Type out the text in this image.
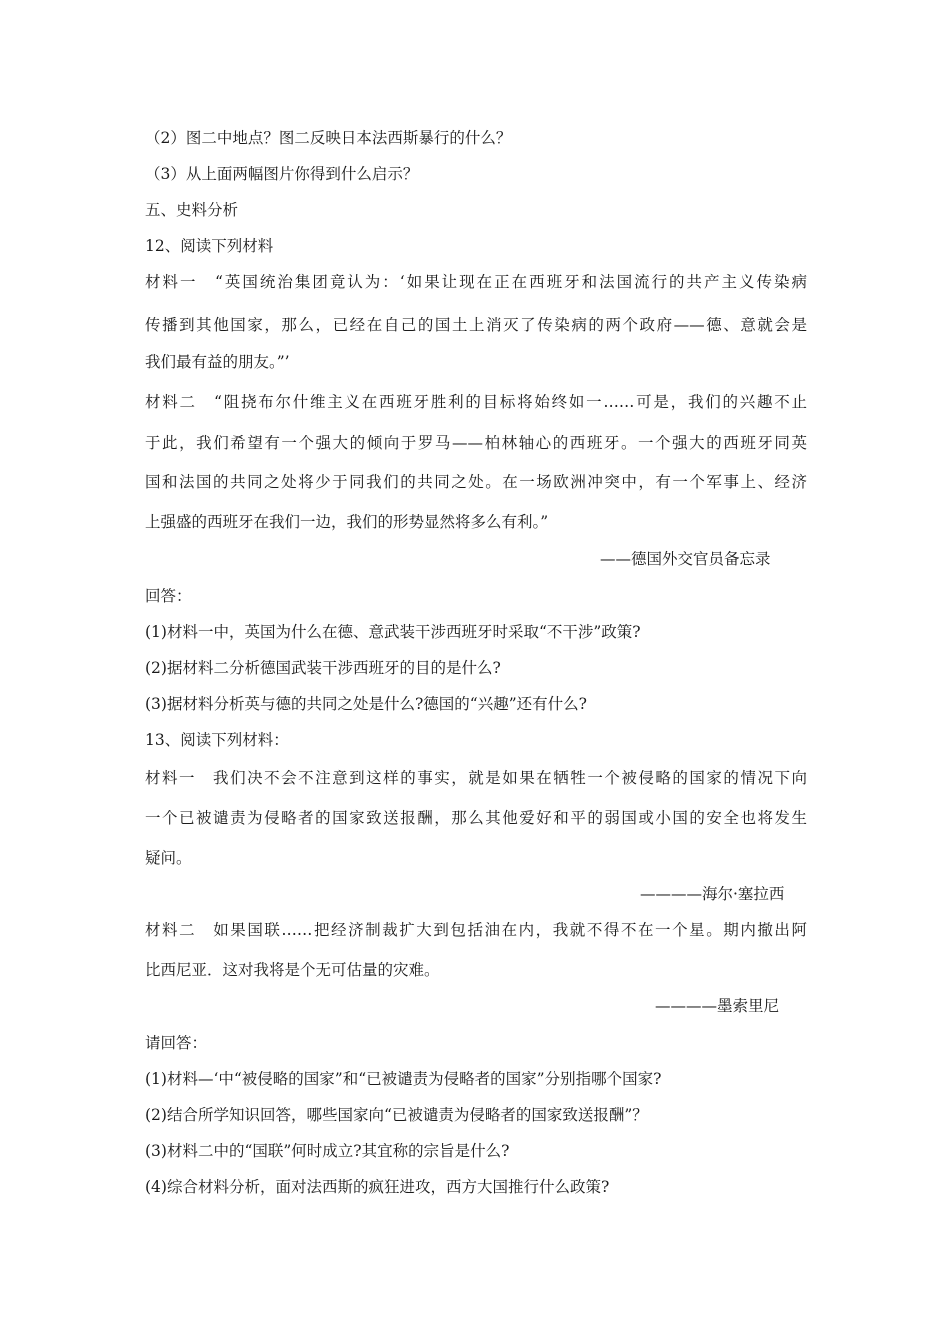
（2）图二中地点？图二反映日本法西斯暴行的什么？
（3）从上面两幅图片你得到什么启示？
五、史料分析
12、阅读下列材料
材料一　“英国统治集团竟认为：‘如果让现在正在西班牙和法国流行的共产主义传染病
传播到其他国家，那么，已经在自己的国土上消灭了传染病的两个政府——德、意就会是
我们最有益的朋友。”’
材料二　“阻挠布尔什维主义在西班牙胜利的目标将始终如一……可是，我们的兴趣不止
于此，我们希望有一个强大的倾向于罗马——柏林轴心的西班牙。一个强大的西班牙同英
国和法国的共同之处将少于同我们的共同之处。在一场欧洲冲突中，有一个军事上、经济
上强盛的西班牙在我们一边，我们的形势显然将多么有利。”
——德国外交官员备忘录
回答：
(1)材料一中，英国为什么在德、意武装干涉西班牙时采取“不干涉”政策?
(2)据材料二分析德国武装干涉西班牙的目的是什么?
(3)据材料分析英与德的共同之处是什么?德国的“兴趣”还有什么?
13、阅读下列材料：
材料一　我们决不会不注意到这样的事实，就是如果在牺牲一个被侵略的国家的情况下向
一个已被谴责为侵略者的国家致送报酬，那么其他爱好和平的弱国或小国的安全也将发生
疑问。
————海尔·塞拉西
材料二　如果国联……把经济制裁扩大到包括油在内，我就不得不在一个星。期内撤出阿
比西尼亚．这对我将是个无可估量的灾难。
————墨索里尼
请回答：
(1)材料—‘中“被侵略的国家”和“已被谴责为侵略者的国家”分别指哪个国家?
(2)结合所学知识回答，哪些国家向“已被谴责为侵略者的国家致送报酬”？
(3)材料二中的“国联”何时成立?其宜称的宗旨是什么?
(4)综合材料分析，面对法西斯的疯狂进攻，西方大国推行什么政策?
